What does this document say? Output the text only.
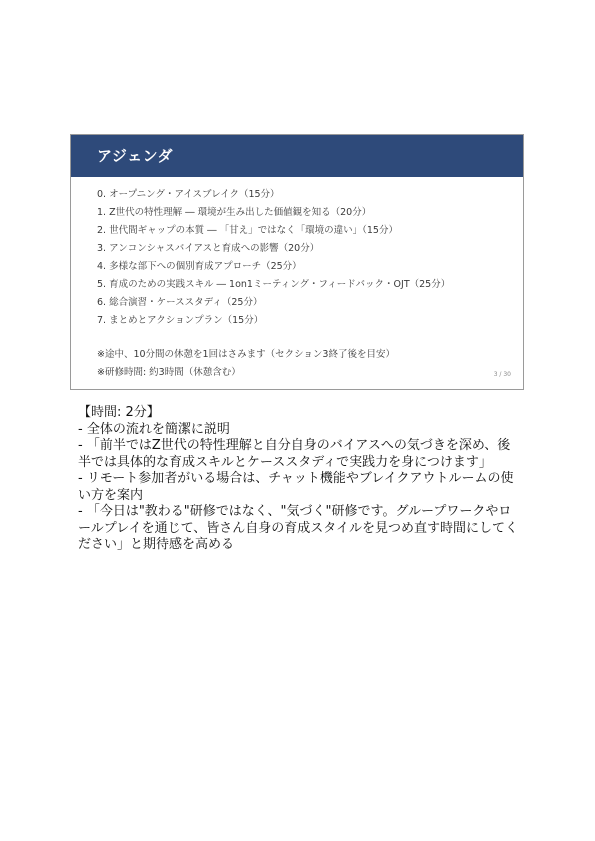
アジェンダ
0. オープニング・アイスブレイク（15分）
1. Z世代の特性理解 ― 環境が生み出した価値観を知る（20分）
2. 世代間ギャップの本質 ― 「甘え」ではなく「環境の違い」（15分）
3. アンコンシャスバイアスと育成への影響（20分）
4. 多様な部下への個別育成アプローチ（25分）
5. 育成のための実践スキル ― 1on1ミーティング・フィードバック・OJT（25分）
6. 総合演習・ケーススタディ（25分）
7. まとめとアクションプラン（15分）
※途中、10分間の休憩を1回はさみます（セクション3終了後を目安）
※研修時間: 約3時間（休憩含む）	3 / 30

【時間: 2分】

- 全体の流れを簡潔に説明

- 「前半ではZ世代の特性理解と自分自身のバイアスへの気づきを深め、後半では具体的な育成スキルとケーススタディで実践力を身につけます」

- リモート参加者がいる場合は、チャット機能やブレイクアウトルームの使い方を案内

- 「今日は"教わる"研修ではなく、"気づく"研修です。グループワークやロールプレイを通じて、皆さん自身の育成スタイルを見つめ直す時間にしてください」と期待感を高める
